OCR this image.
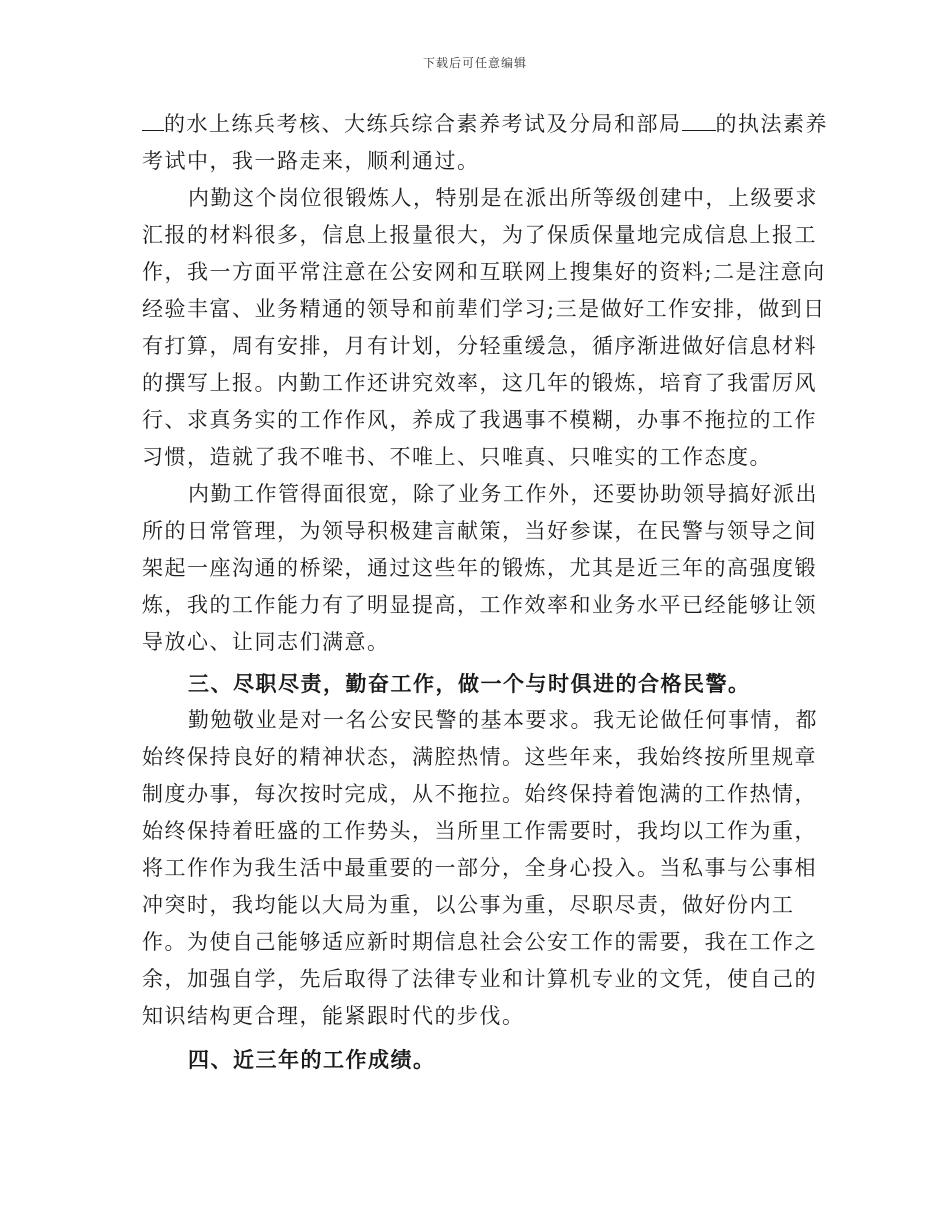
下载后可任意编辑

的水上练兵考核、大练兵综合素养考试及分局和部局 的执法素养考试中，我一路走来，顺利通过。

内勤这个岗位很锻炼人，特别是在派出所等级创建中，上级要求汇报的材料很多，信息上报量很大，为了保质保量地完成信息上报工作，我一方面平常注意在公安网和互联网上搜集好的资料;二是注意向经验丰富、业务精通的领导和前辈们学习;三是做好工作安排，做到日有打算，周有安排，月有计划，分轻重缓急，循序渐进做好信息材料的撰写上报。内勤工作还讲究效率，这几年的锻炼，培育了我雷厉风行、求真务实的工作作风，养成了我遇事不模糊，办事不拖拉的工作习惯，造就了我不唯书、不唯上、只唯真、只唯实的工作态度。

内勤工作管得面很宽，除了业务工作外，还要协助领导搞好派出所的日常管理，为领导积极建言献策，当好参谋，在民警与领导之间架起一座沟通的桥梁，通过这些年的锻炼，尤其是近三年的高强度锻炼，我的工作能力有了明显提高，工作效率和业务水平已经能够让领导放心、让同志们满意。

三、尽职尽责，勤奋工作，做一个与时俱进的合格民警。

勤勉敬业是对一名公安民警的基本要求。我无论做任何事情，都始终保持良好的精神状态，满腔热情。这些年来，我始终按所里规章制度办事，每次按时完成，从不拖拉。始终保持着饱满的工作热情，始终保持着旺盛的工作势头，当所里工作需要时，我均以工作为重，将工作作为我生活中最重要的一部分，全身心投入。当私事与公事相冲突时，我均能以大局为重，以公事为重，尽职尽责，做好份内工作。为使自己能够适应新时期信息社会公安工作的需要，我在工作之余，加强自学，先后取得了法律专业和计算机专业的文凭，使自己的知识结构更合理，能紧跟时代的步伐。

四、近三年的工作成绩。
